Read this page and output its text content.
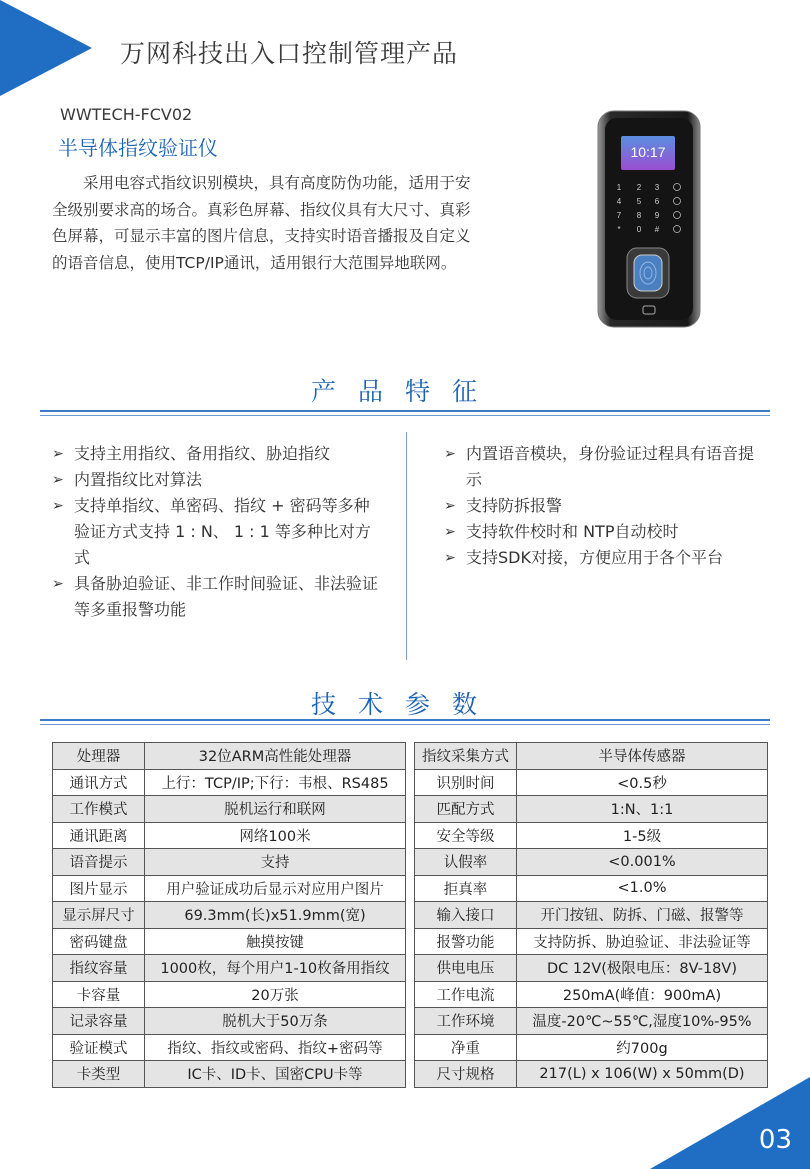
万网科技出入口控制管理产品
WWTECH-FCV02
半导体指纹验证仪
采用电容式指纹识别模块，具有高度防伪功能，适用于安全级别要求高的场合。真彩色屏幕、指纹仪具有大尺寸、真彩色屏幕，可显示丰富的图片信息，支持实时语音播报及自定义的语音信息，使用TCP/IP通讯，适用银行大范围异地联网。
10:17
1 2 3
4 5 6
7 8 9
* 0 #
产品特征
➢ 支持主用指纹、备用指纹、胁迫指纹
➢ 内置指纹比对算法
➢ 支持单指纹、单密码、指纹 + 密码等多种验证方式支持 1 : N、 1 : 1 等多种比对方式
➢ 具备胁迫验证、非工作时间验证、非法验证等多重报警功能
➢ 内置语音模块，身份验证过程具有语音提示
➢ 支持防拆报警
➢ 支持软件校时和 NTP自动校时
➢ 支持SDK对接，方便应用于各个平台
技术参数
处理器	32位ARM高性能处理器
通讯方式	上行：TCP/IP;下行：韦根、RS485
工作模式	脱机运行和联网
通讯距离	网络100米
语音提示	支持
图片显示	用户验证成功后显示对应用户图片
显示屏尺寸	69.3mm(长)x51.9mm(宽)
密码键盘	触摸按键
指纹容量	1000枚，每个用户1-10枚备用指纹
卡容量	20万张
记录容量	脱机大于50万条
验证模式	指纹、指纹或密码、指纹+密码等
卡类型	IC卡、ID卡、国密CPU卡等
指纹采集方式	半导体传感器
识别时间	<0.5秒
匹配方式	1:N、1:1
安全等级	1-5级
认假率	<0.001%
拒真率	<1.0%
输入接口	开门按钮、防拆、门磁、报警等
报警功能	支持防拆、胁迫验证、非法验证等
供电电压	DC 12V(极限电压：8V-18V)
工作电流	250mA(峰值：900mA)
工作环境	温度-20℃~55℃,湿度10%-95%
净重	约700g
尺寸规格	217(L) x 106(W) x 50mm(D)
03
